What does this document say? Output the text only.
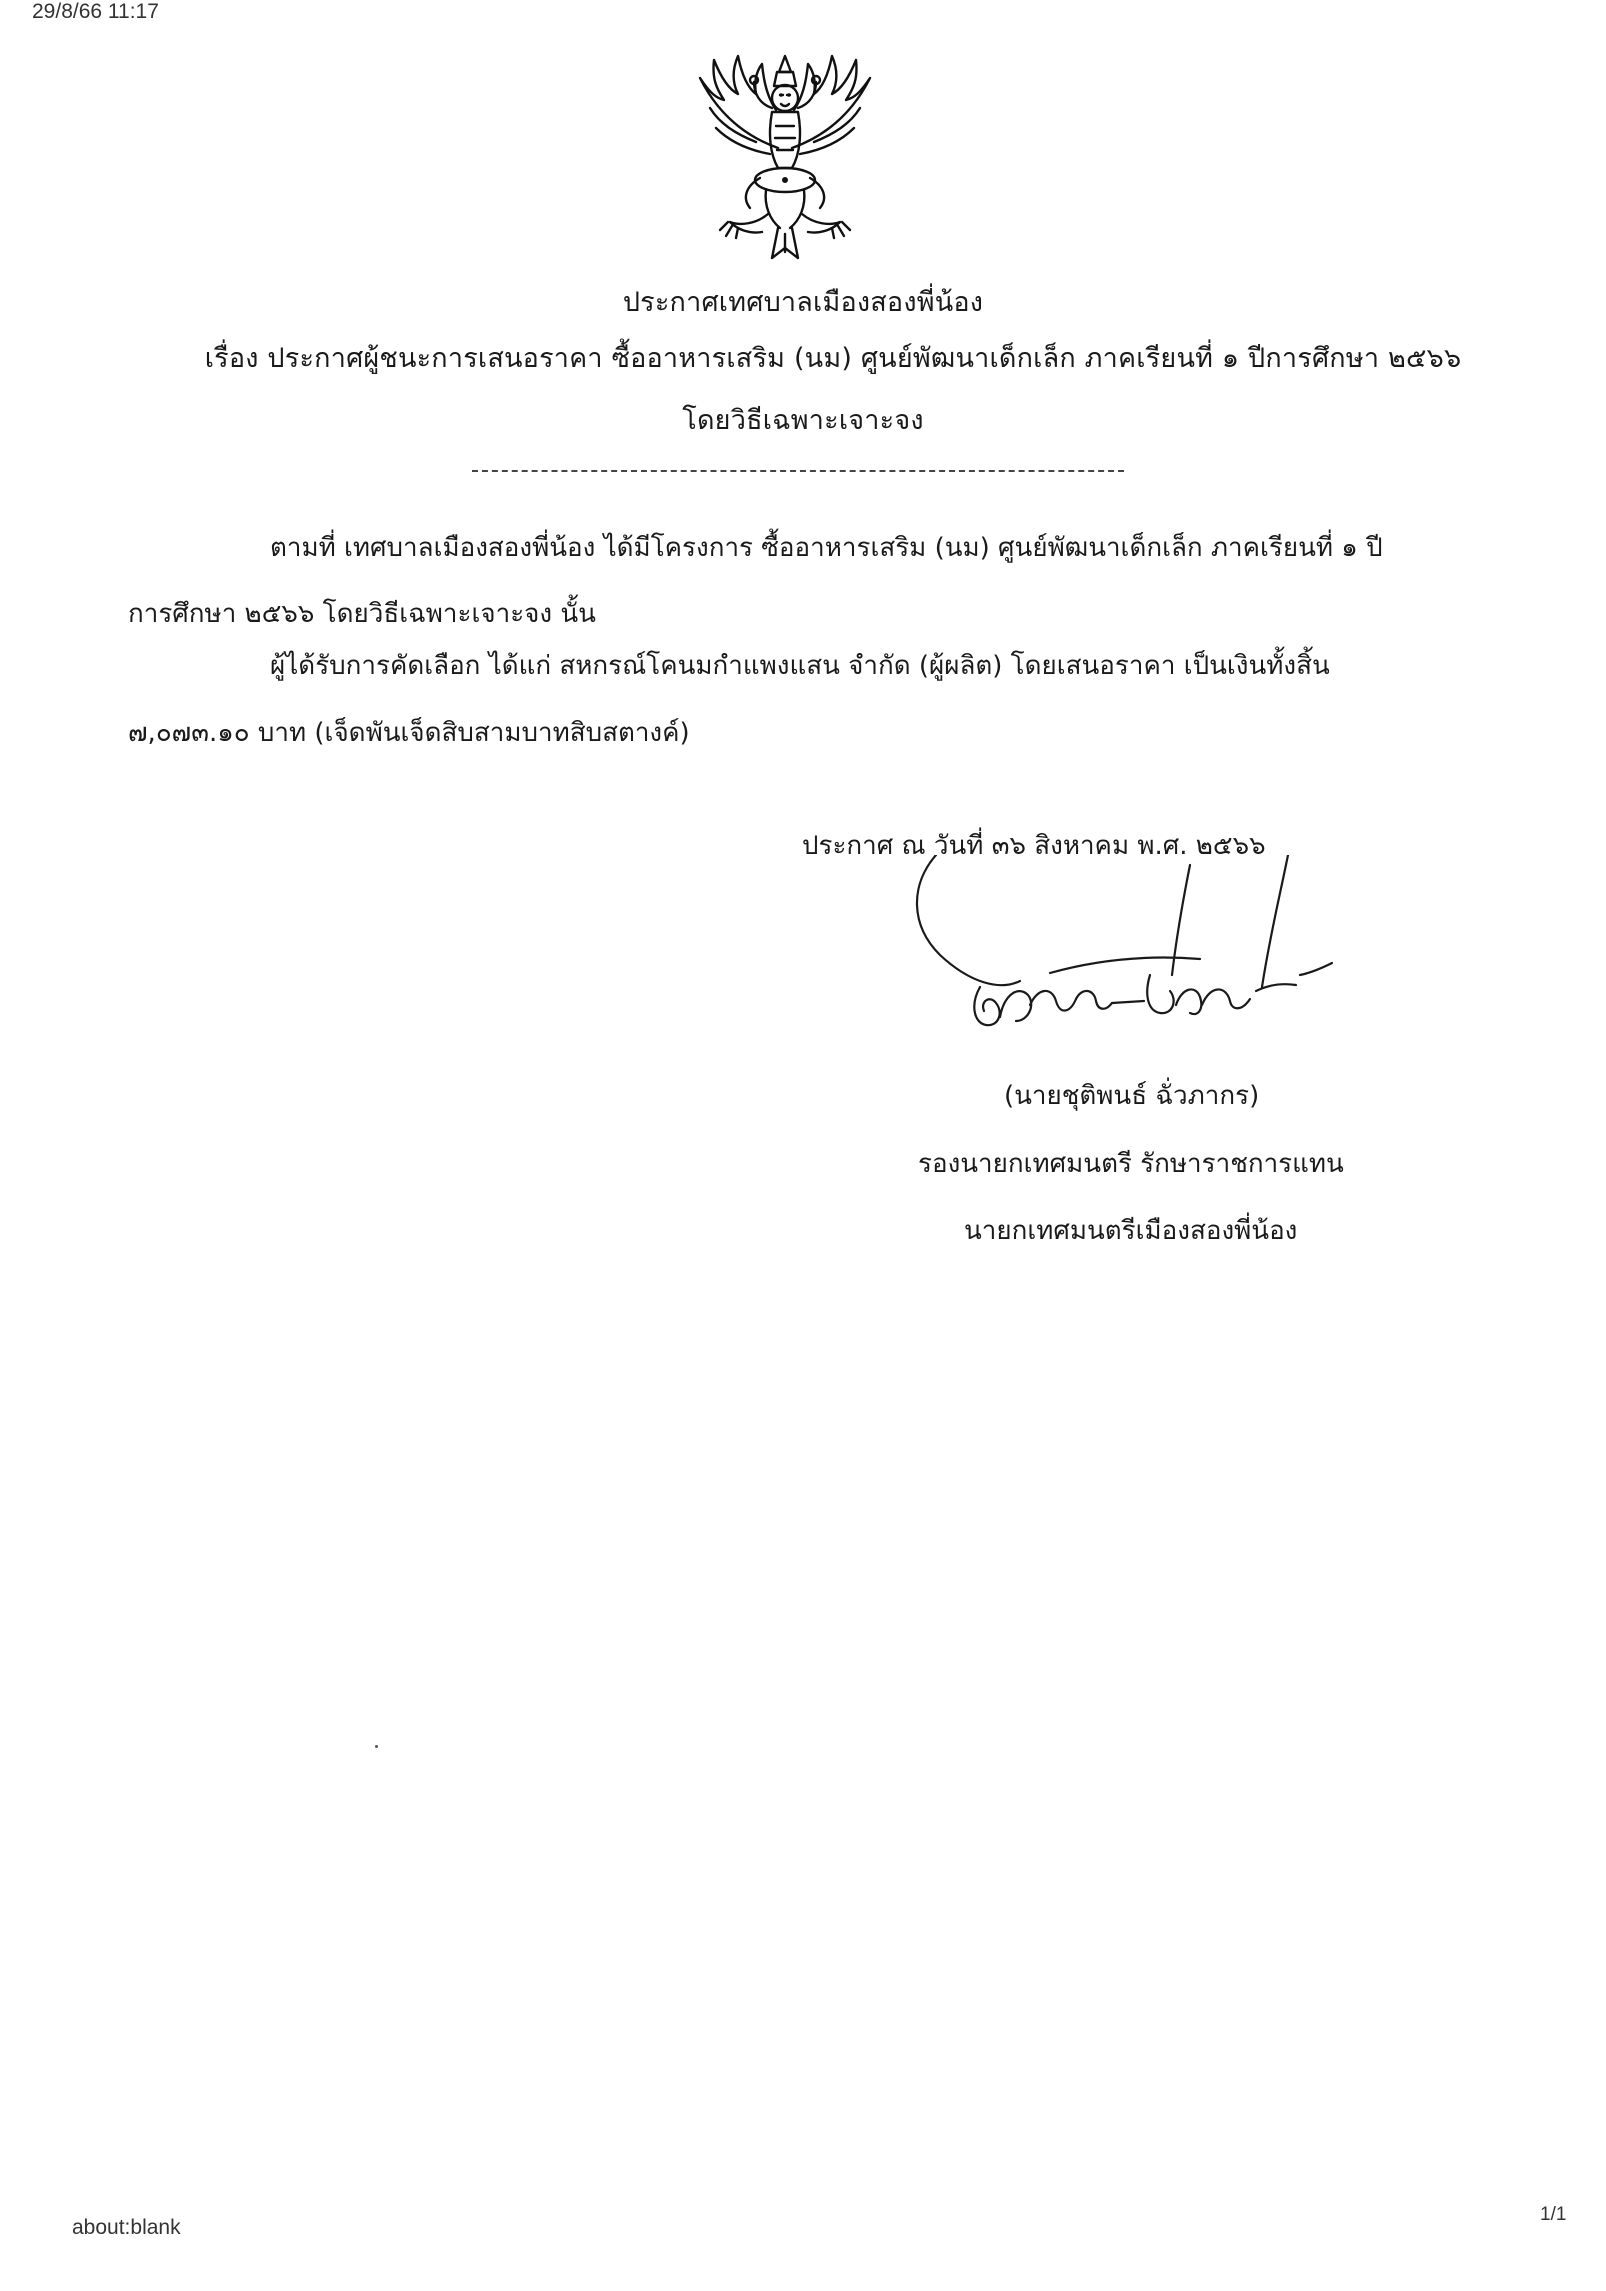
29/8/66 11:17
ประกาศเทศบาลเมืองสองพี่น้อง
เรื่อง ประกาศผู้ชนะการเสนอราคา ซื้ออาหารเสริม (นม) ศูนย์พัฒนาเด็กเล็ก ภาคเรียนที่ ๑ ปีการศึกษา ๒๕๖๖
โดยวิธีเฉพาะเจาะจง
ตามที่ เทศบาลเมืองสองพี่น้อง ได้มีโครงการ ซื้ออาหารเสริม (นม) ศูนย์พัฒนาเด็กเล็ก ภาคเรียนที่ ๑ ปี
การศึกษา ๒๕๖๖ โดยวิธีเฉพาะเจาะจง นั้น
ผู้ได้รับการคัดเลือก ได้แก่ สหกรณ์โคนมกำแพงแสน จำกัด (ผู้ผลิต) โดยเสนอราคา เป็นเงินทั้งสิ้น
๗,๐๗๓.๑๐ บาท (เจ็ดพันเจ็ดสิบสามบาทสิบสตางค์)
ประกาศ ณ วันที่ ๓๖ สิงหาคม พ.ศ. ๒๕๖๖
(นายชุติพนธ์ ฉั่วภากร)
รองนายกเทศมนตรี รักษาราชการแทน
นายกเทศมนตรีเมืองสองพี่น้อง
about:blank
1/1
